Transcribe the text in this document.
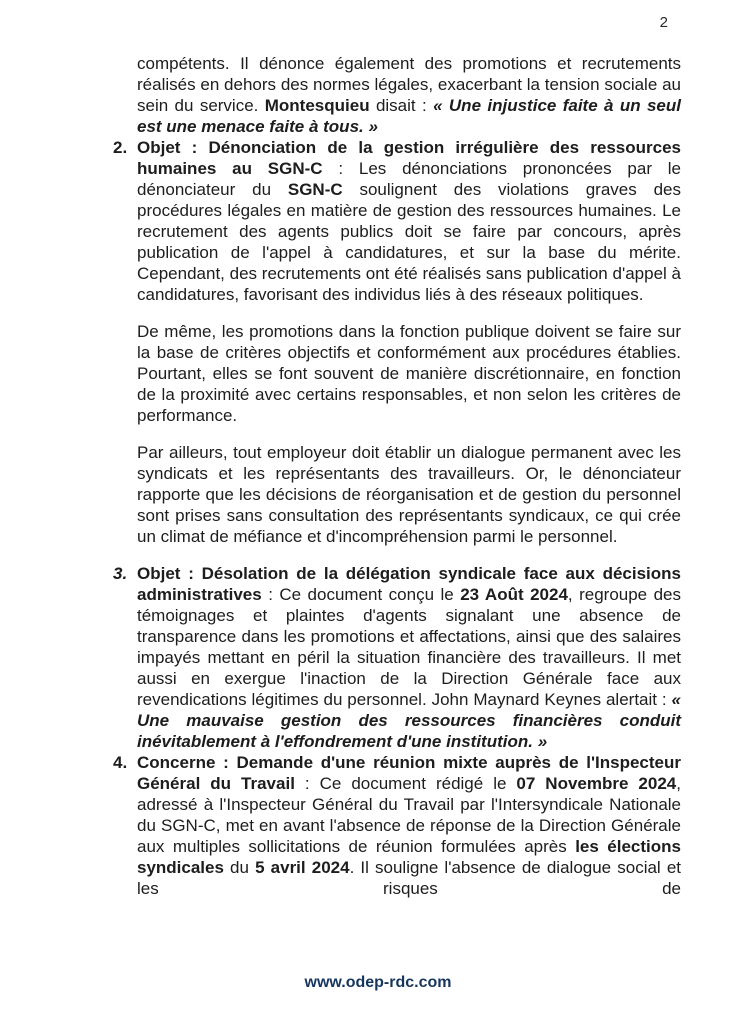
2

compétents. Il dénonce également des promotions et recrutements réalisés en dehors des normes légales, exacerbant la tension sociale au sein du service. Montesquieu disait : « Une injustice faite à un seul est une menace faite à tous. »

2. Objet : Dénonciation de la gestion irrégulière des ressources humaines au SGN-C : Les dénonciations prononcées par le dénonciateur du SGN-C soulignent des violations graves des procédures légales en matière de gestion des ressources humaines. Le recrutement des agents publics doit se faire par concours, après publication de l'appel à candidatures, et sur la base du mérite. Cependant, des recrutements ont été réalisés sans publication d'appel à candidatures, favorisant des individus liés à des réseaux politiques.

De même, les promotions dans la fonction publique doivent se faire sur la base de critères objectifs et conformément aux procédures établies. Pourtant, elles se font souvent de manière discrétionnaire, en fonction de la proximité avec certains responsables, et non selon les critères de performance.

Par ailleurs, tout employeur doit établir un dialogue permanent avec les syndicats et les représentants des travailleurs. Or, le dénonciateur rapporte que les décisions de réorganisation et de gestion du personnel sont prises sans consultation des représentants syndicaux, ce qui crée un climat de méfiance et d'incompréhension parmi le personnel.

3. Objet : Désolation de la délégation syndicale face aux décisions administratives : Ce document conçu le 23 Août 2024, regroupe des témoignages et plaintes d'agents signalant une absence de transparence dans les promotions et affectations, ainsi que des salaires impayés mettant en péril la situation financière des travailleurs. Il met aussi en exergue l'inaction de la Direction Générale face aux revendications légitimes du personnel. John Maynard Keynes alertait : « Une mauvaise gestion des ressources financières conduit inévitablement à l'effondrement d'une institution. »

4. Concerne : Demande d'une réunion mixte auprès de l'Inspecteur Général du Travail : Ce document rédigé le 07 Novembre 2024, adressé à l'Inspecteur Général du Travail par l'Intersyndicale Nationale du SGN-C, met en avant l'absence de réponse de la Direction Générale aux multiples sollicitations de réunion formulées après les élections syndicales du 5 avril 2024. Il souligne l'absence de dialogue social et les risques de

www.odep-rdc.com
